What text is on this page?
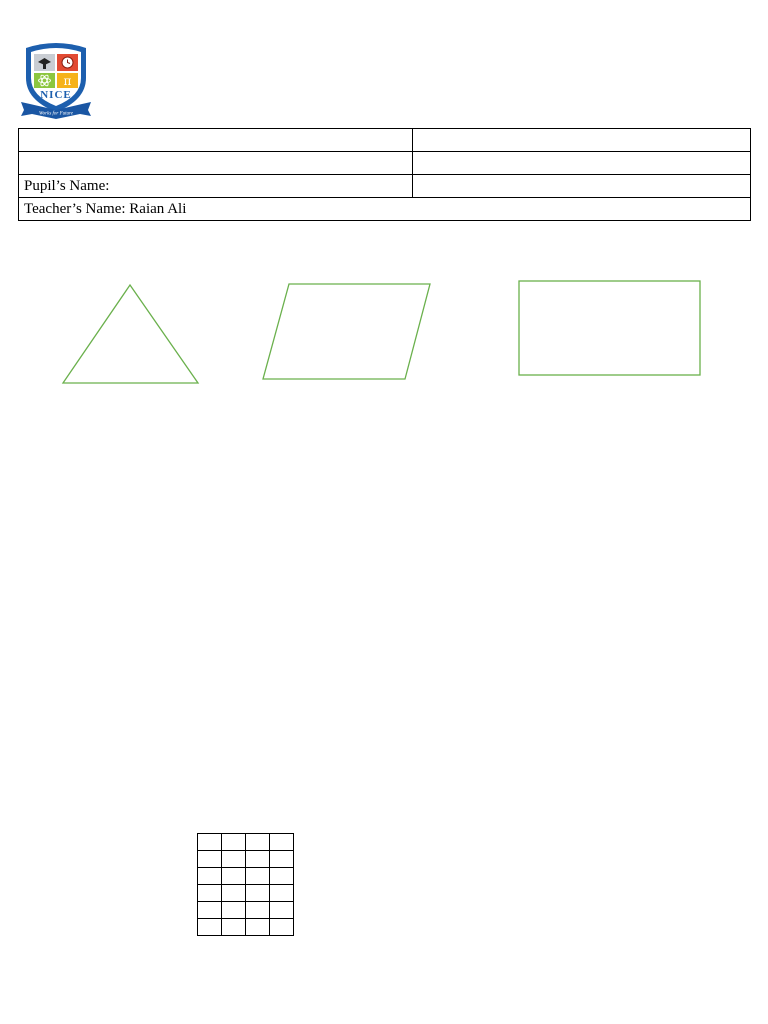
π
NICE
Works for Future

Pupil’s Name:	
Teacher’s Name: Raian Ali	
